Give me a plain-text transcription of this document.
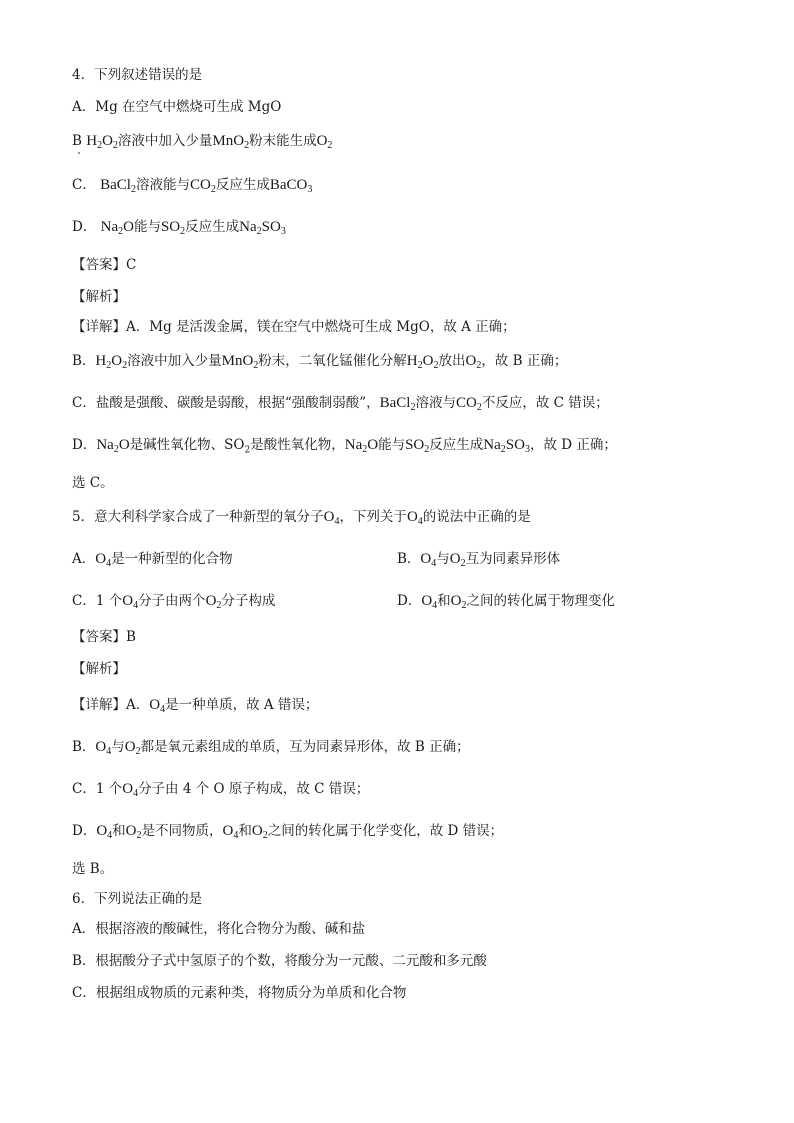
4．下列叙述错误的是
A．Mg 在空气中燃烧可生成 MgO
B $H_2O_2$溶液中加入少量MnO$_2$粉末能生成$O_2$
C． BaCl$_2$溶液能与$CO_2$反应生成BaCO$_3$
D． $Na_2O$能与$SO_2$反应生成$Na_2SO_3$
【答案】C
【解析】
【详解】A．Mg 是活泼金属，镁在空气中燃烧可生成 MgO，故 A 正确；
B．$H_2O_2$溶液中加入少量MnO$_2$粉末，二氧化锰催化分解$H_2O_2$放出$O_2$，故 B 正确；
C．盐酸是强酸、碳酸是弱酸，根据“强酸制弱酸”，BaCl$_2$溶液与$CO_2$不反应，故 C 错误；
D．$Na_2O$是碱性氧化物、$SO_2$是酸性氧化物，$Na_2O$能与$SO_2$反应生成$Na_2SO_3$，故 D 正确；
选 C。
5．意大利科学家合成了一种新型的氧分子$O_4$，下列关于$O_4$的说法中正确的是
A．$O_4$是一种新型的化合物	B．$O_4$与$O_2$互为同素异形体
C．1 个$O_4$分子由两个$O_2$分子构成	D．$O_4$和$O_2$之间的转化属于物理变化
【答案】B
【解析】
【详解】A．$O_4$是一种单质，故 A 错误；
B．$O_4$与$O_2$都是氧元素组成的单质，互为同素异形体，故 B 正确；
C．1 个$O_4$分子由 4 个 O 原子构成，故 C 错误；
D．$O_4$和$O_2$是不同物质，$O_4$和$O_2$之间的转化属于化学变化，故 D 错误；
选 B。
6．下列说法正确的是
A．根据溶液的酸碱性，将化合物分为酸、碱和盐
B．根据酸分子式中氢原子的个数，将酸分为一元酸、二元酸和多元酸
C．根据组成物质的元素种类，将物质分为单质和化合物
